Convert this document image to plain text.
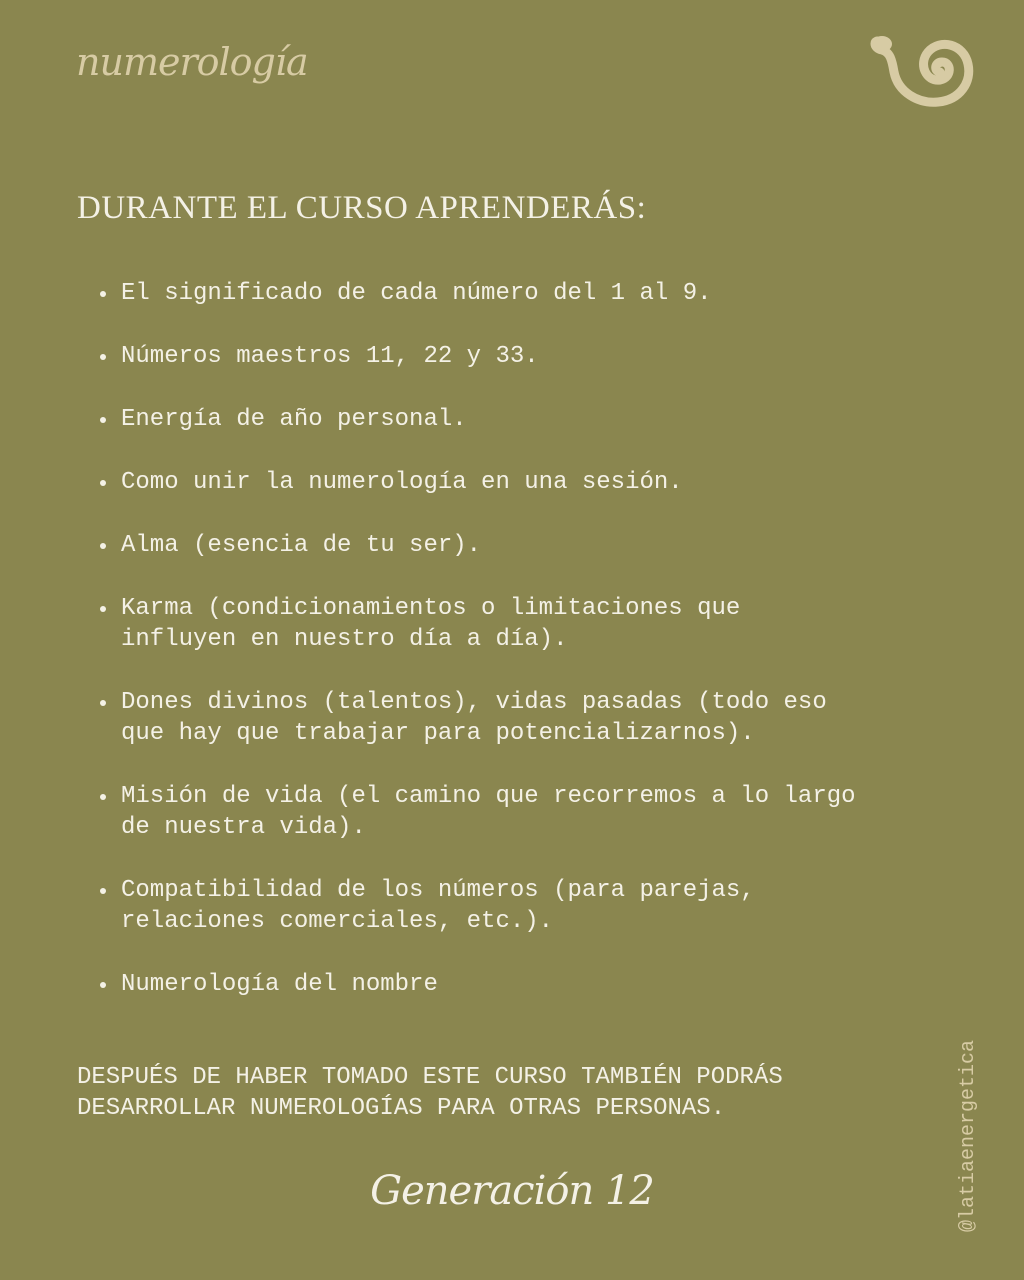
numerología
DURANTE EL CURSO APRENDERÁS:
El significado de cada número del 1 al 9.
Números maestros 11, 22 y 33.
Energía de año personal.
Como unir la numerología en una sesión.
Alma (esencia de tu ser).
Karma (condicionamientos o limitaciones que
influyen en nuestro día a día).
Dones divinos (talentos), vidas pasadas (todo eso
que hay que trabajar para potencializarnos).
Misión de vida (el camino que recorremos a lo largo
de nuestra vida).
Compatibilidad de los números (para parejas,
relaciones comerciales, etc.).
Numerología del nombre
DESPUÉS DE HABER TOMADO ESTE CURSO TAMBIÉN PODRÁS
DESARROLLAR NUMEROLOGÍAS PARA OTRAS PERSONAS.
Generación 12	@latiaenergetica
